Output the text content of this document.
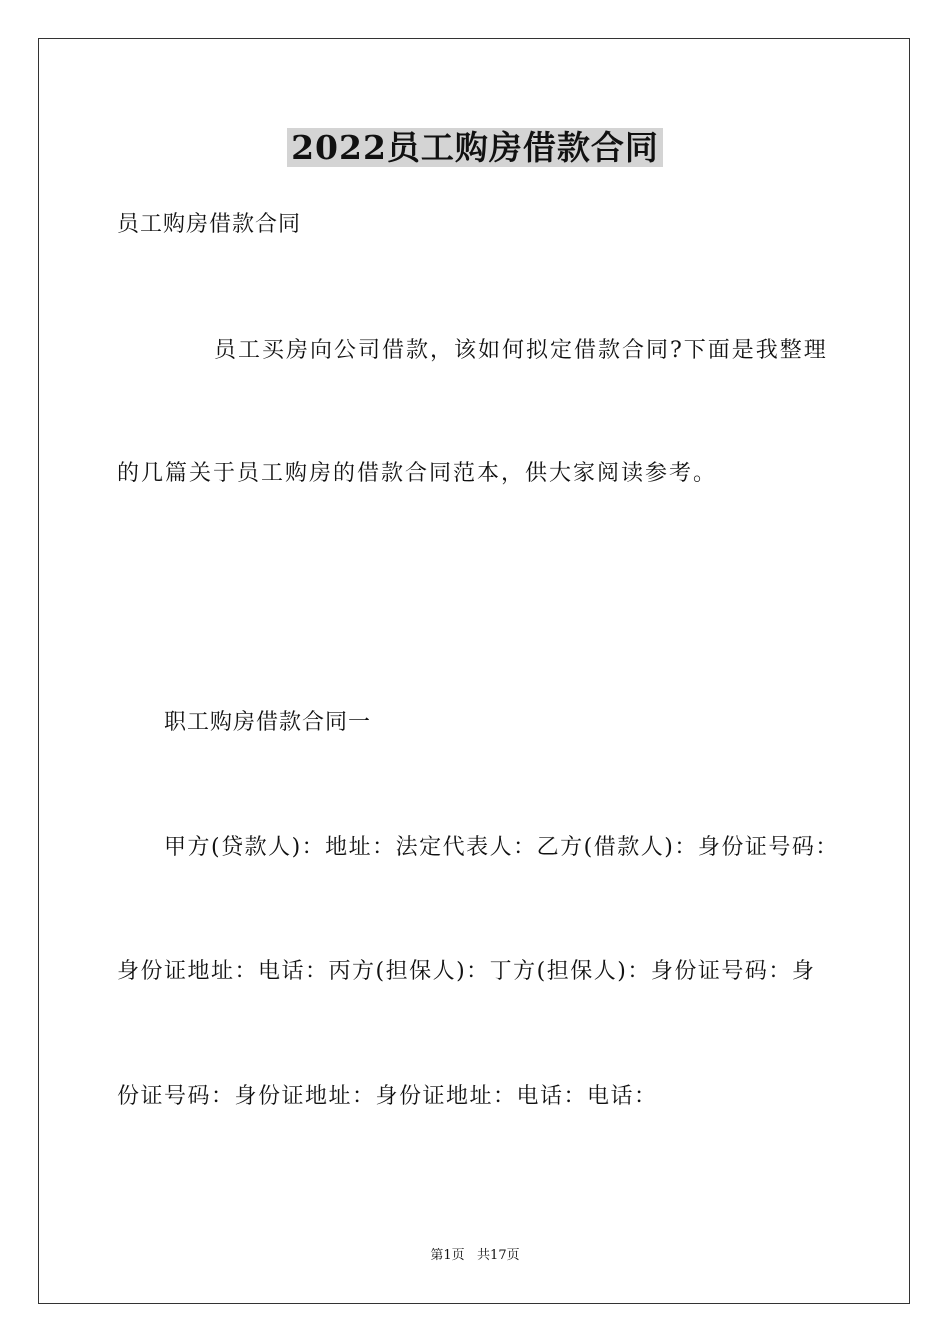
2022员工购房借款合同
员工购房借款合同
员工买房向公司借款，该如何拟定借款合同?下面是我整理
的几篇关于员工购房的借款合同范本，供大家阅读参考。
职工购房借款合同一
甲方(贷款人)：地址：法定代表人：乙方(借款人)：身份证号码：
身份证地址：电话：丙方(担保人)：丁方(担保人)：身份证号码：身
份证号码：身份证地址：身份证地址：电话：电话：
第1页   共17页
